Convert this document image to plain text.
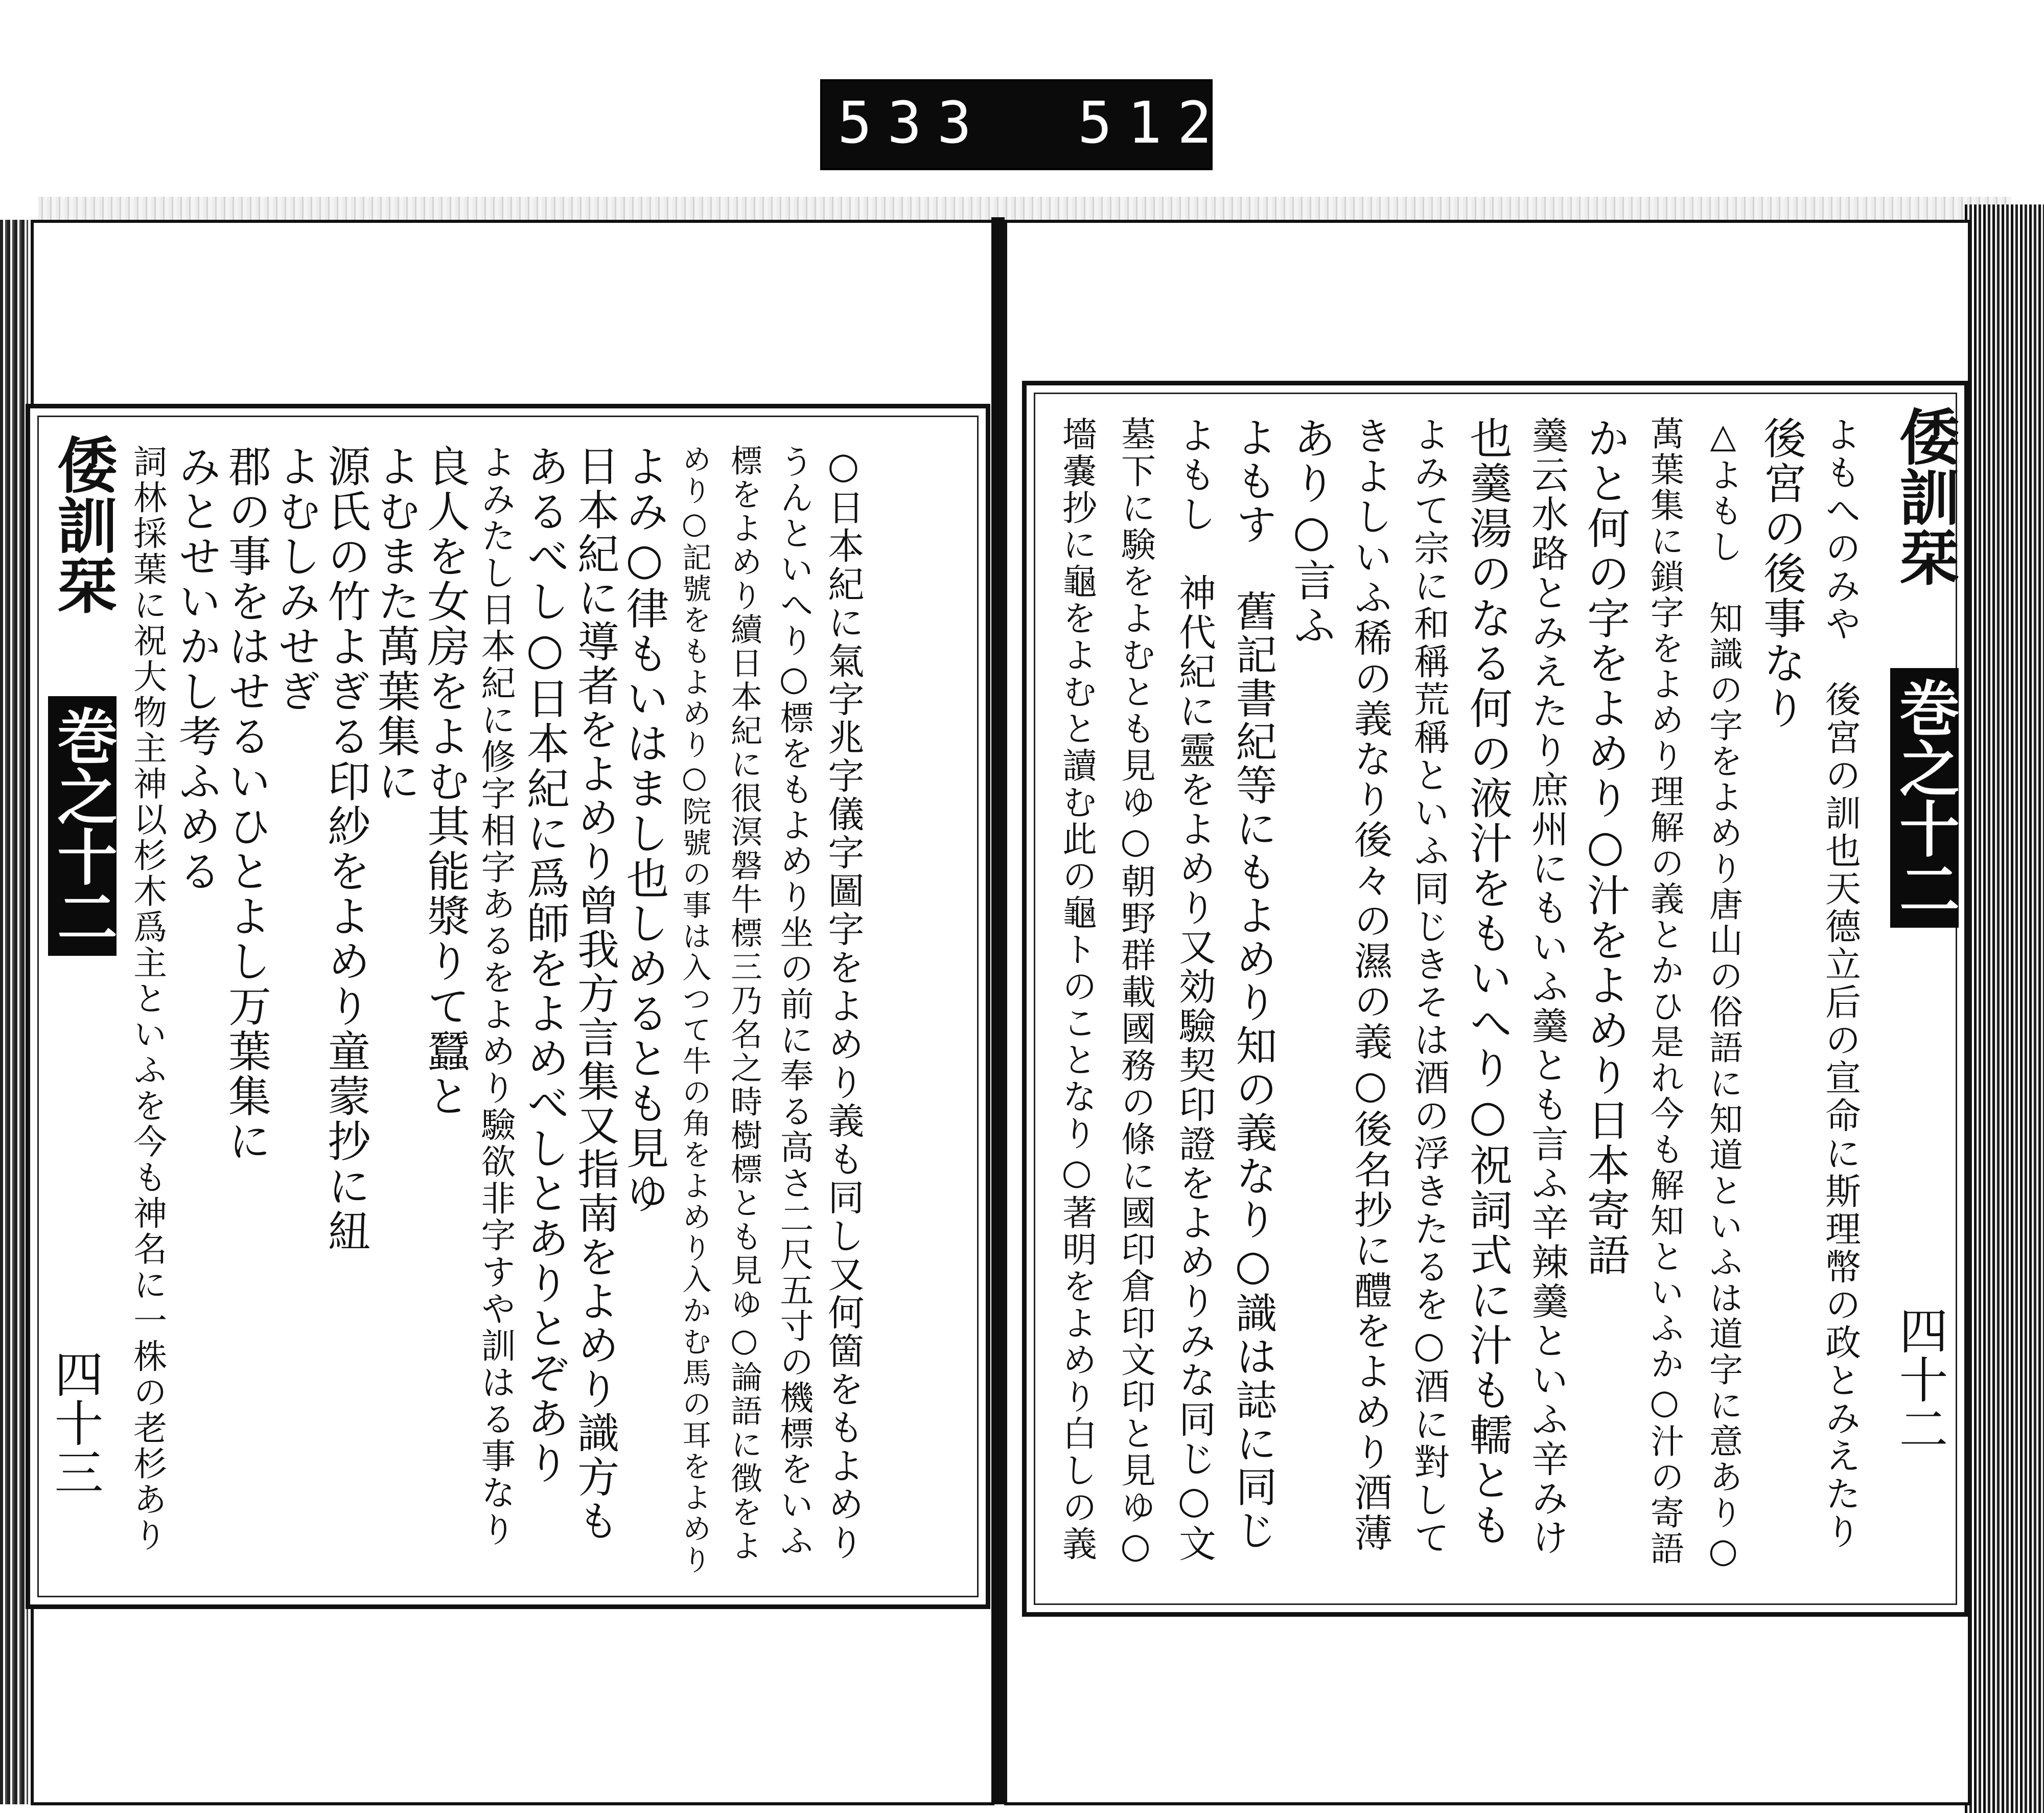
533 512.
倭訓栞 巻之十二
四十三	○日本紀に氣字兆字儀字圖字をよめり義も同し又何箇をもよめり
うんといへり○標をもよめり坐の前に奉る高さ二尺五寸の機標をいふ
標をよめり續日本紀に很溟磐牛標三乃名之時樹標とも見ゆ○論語に徴をよ
めり○記號をもよめり○院號の事は入つて牛の角をよめり入かむ馬の耳をよめり
よみ○律もいはまし也しめるとも見ゆ
日本紀に導者をよめり曾我方言集又指南をよめり識方も
あるべし○日本紀に爲師をよめべしとありとぞあり
よみたし日本紀に修字相字あるをよめり驗欲非字すや訓はる事なり
良人を女房をよむ其能漿りて蠶と
よむまた萬葉集に
源氏の竹よぎる印紗をよめり童蒙抄に紐
よむしみせぎ
郡の事をはせるいひとよし万葉集に
みとせいかし考ふめる
詞林採葉に祝大物主神以杉木爲主といふを今も神名に一株の老杉あり	倭訓栞 巻之十二
四十二
よもへのみや　後宮の訓也天德立后の宣命に斯理幣の政とみえたり
後宮の後事なり
△よもし　知識の字をよめり唐山の俗語に知道といふは道字に意あり○
萬葉集に鎖字をよめり理解の義とかひ是れ今も解知といふか○汁の寄語
かと何の字をよめり○汁をよめり日本寄語
羹云水路とみえたり庶州にもいふ羹とも言ふ辛辣羹といふ辛みけ
也羹湯のなる何の液汁をもいへり○祝詞式に汁も轜とも
よみて宗に和稱荒稱といふ同じきそは酒の浮きたるを○酒に對して
きよしいふ稀の義なり後々の濕の義○後名抄に醴をよめり酒薄
あり○言ふ
よもす　舊記書紀等にもよめり知の義なり○識は誌に同じ
よもし　神代紀に靈をよめり又効驗契印證をよめりみな同じ○文
墓下に験をよむとも見ゆ○朝野群載國務の條に國印倉印文印と見ゆ○
墻嚢抄に龜をよむと讀む此の龜トのことなり○著明をよめり白しの義
